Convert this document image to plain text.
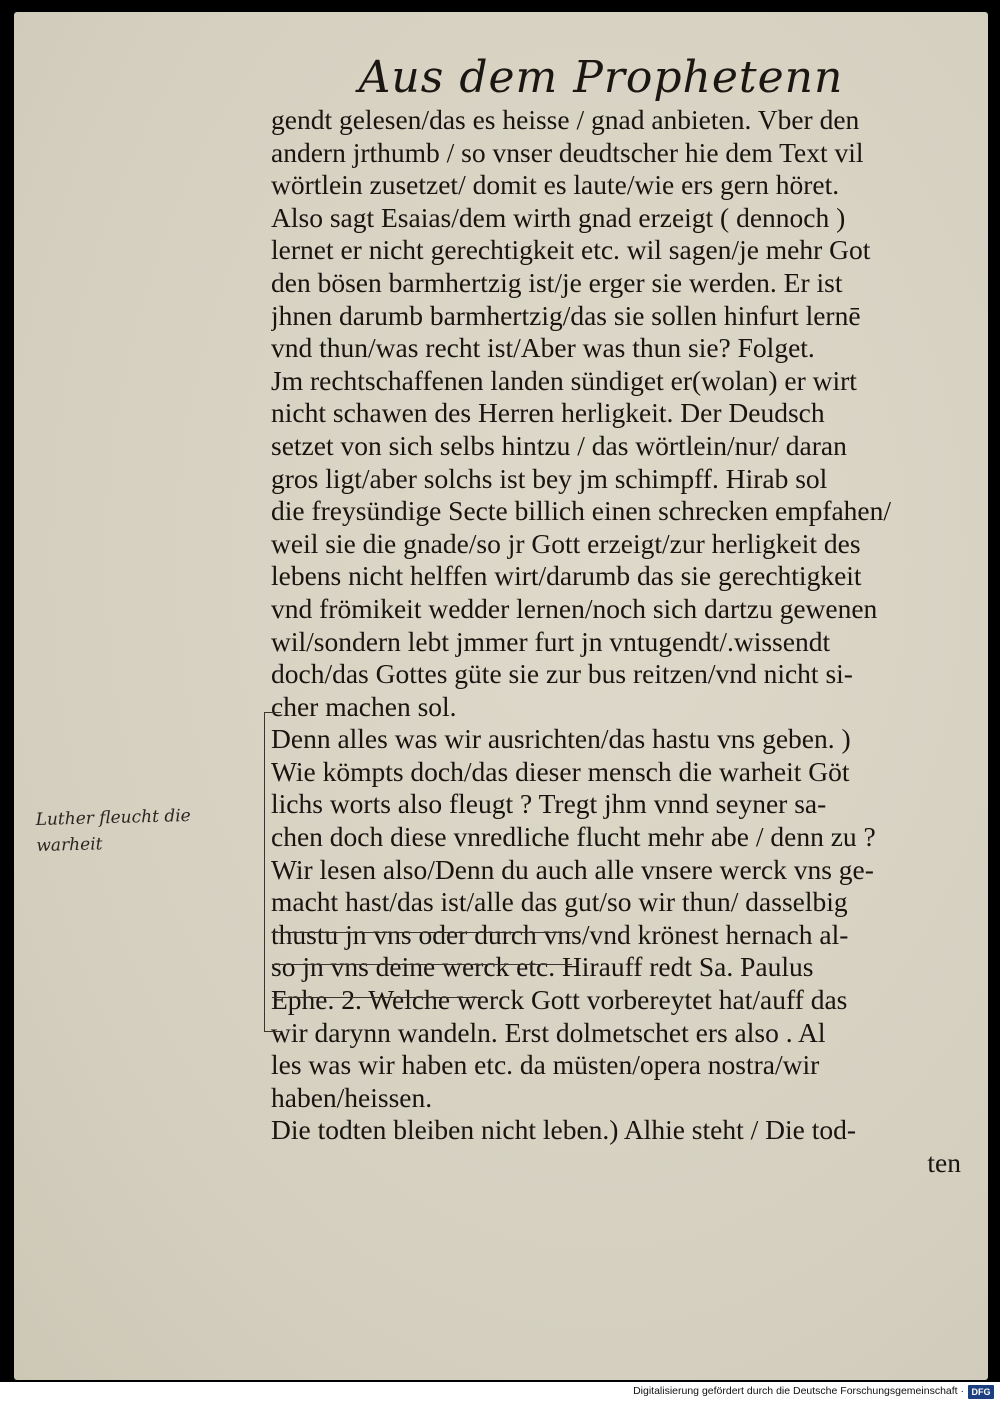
Aus dem Prophetenn
gendt gelesen/das es heisse / gnad anbieten. Vber den
andern jrthumb / so vnser deudtscher hie dem Text vil
wörtlein zusetzet/ domit es laute/wie ers gern höret.
Also sagt Esaias/dem wirth gnad erzeigt ( dennoch )
lernet er nicht gerechtigkeit etc. wil sagen/je mehr Got
den bösen barmhertzig ist/je erger sie werden. Er ist
jhnen darumb barmhertzig/das sie sollen hinfurt lernē
vnd thun/was recht ist/Aber was thun sie? Folget.
Jm rechtschaffenen landen sündiget er(wolan) er wirt
nicht schawen des Herren herligkeit. Der Deudsch
setzet von sich selbs hintzu / das wörtlein/nur/ daran
gros ligt/aber solchs ist bey jm schimpff. Hirab sol
die freysündige Secte billich einen schrecken empfahen/
weil sie die gnade/so jr Gott erzeigt/zur herligkeit des
lebens nicht helffen wirt/darumb das sie gerechtigkeit
vnd frömikeit wedder lernen/noch sich dartzu gewenen
wil/sondern lebt jmmer furt jn vntugendt/.wissendt
doch/das Gottes güte sie zur bus reitzen/vnd nicht si-
cher machen sol.
Denn alles was wir ausrichten/das hastu vns geben. )
Wie kömpts doch/das dieser mensch die warheit Göt
lichs worts also fleugt ? Tregt jhm vnnd seyner sa-
chen doch diese vnredliche flucht mehr abe / denn zu ?
Wir lesen also/Denn du auch alle vnsere werck vns ge-
macht hast/das ist/alle das gut/so wir thun/ dasselbig
thustu jn vns oder durch vns/vnd krönest hernach al-
so jn vns deine werck etc. Hirauff redt Sa. Paulus
Ephe. 2. Welche werck Gott vorbereytet hat/auff das
wir darynn wandeln. Erst dolmetschet ers also . Al
les was wir haben etc. da müsten/opera nostra/wir
haben/heissen.
Die todten bleiben nicht leben.) Alhie steht / Die tod-
ten
Luther fleucht die
warheit
Digitalisierung gefördert durch die Deutsche Forschungsgemeinschaft · DFG
